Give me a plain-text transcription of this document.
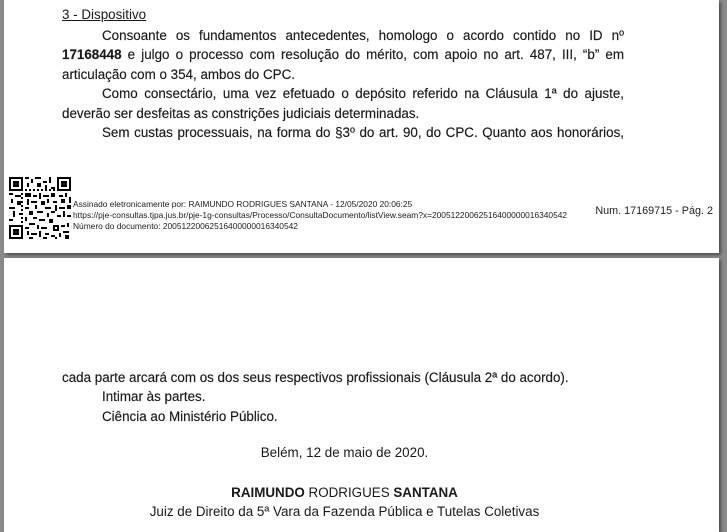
3 - Dispositivo

Consoante os fundamentos antecedentes, homologo o acordo contido no ID nº

17168448 e julgo o processo com resolução do mérito, com apoio no art. 487, III, “b” em

articulação com o 354, ambos do CPC.

Como consectário, uma vez efetuado o depósito referido na Cláusula 1ª do ajuste,

deverão ser desfeitas as constrições judiciais determinadas.

Sem custas processuais, na forma do §3º do art. 90, do CPC. Quanto aos honorários,

Assinado eletronicamente por: RAIMUNDO RODRIGUES SANTANA - 12/05/2020 20:06:25
https://pje-consultas.tjpa.jus.br/pje-1g-consultas/Processo/ConsultaDocumento/listView.seam?x=20051220062516400000016340542
Número do documento: 20051220062516400000016340542
Num. 17169715 - Pág. 2

cada parte arcará com os dos seus respectivos profissionais (Cláusula 2ª do acordo).

Intimar às partes.

Ciência ao Ministério Público.

Belém, 12 de maio de 2020.
RAIMUNDO RODRIGUES SANTANA
Juiz de Direito da 5ª Vara da Fazenda Pública e Tutelas Coletivas
